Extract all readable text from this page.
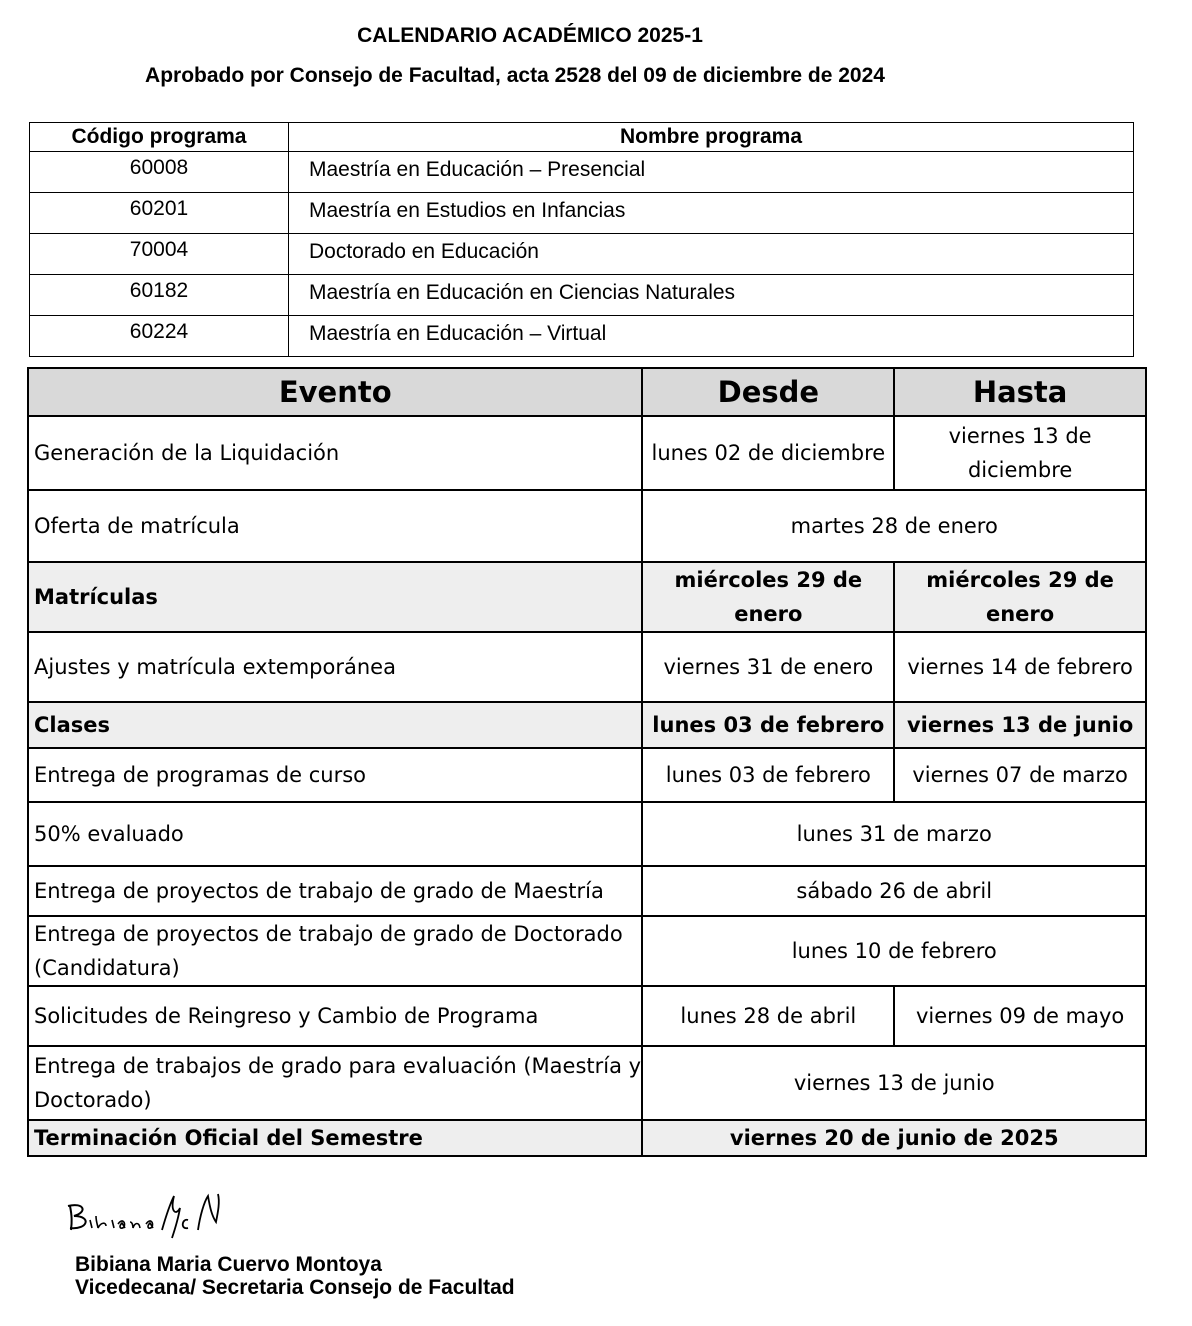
CALENDARIO ACADÉMICO 2025-1
Aprobado por Consejo de Facultad, acta 2528 del 09 de diciembre de 2024
Código programa	Nombre programa
60008	Maestría en Educación – Presencial
60201	Maestría en Estudios en Infancias
70004	Doctorado en Educación
60182	Maestría en Educación en Ciencias Naturales
60224	Maestría en Educación – Virtual
Evento	Desde	Hasta
Generación de la Liquidación	lunes 02 de diciembre	viernes 13 de diciembre
Oferta de matrícula	martes 28 de enero	
Matrículas	miércoles 29 de enero	miércoles 29 de enero
Ajustes y matrícula extemporánea	viernes 31 de enero	viernes 14 de febrero
Clases	lunes 03 de febrero	viernes 13 de junio
Entrega de programas de curso	lunes 03 de febrero	viernes 07 de marzo
50% evaluado	lunes 31 de marzo	
Entrega de proyectos de trabajo de grado de Maestría	sábado 26 de abril	
Entrega de proyectos de trabajo de grado de Doctorado (Candidatura)	lunes 10 de febrero	
Solicitudes de Reingreso y Cambio de Programa	lunes 28 de abril	viernes 09 de mayo
Entrega de trabajos de grado para evaluación (Maestría y Doctorado)	viernes 13 de junio	
Terminación Oficial del Semestre	viernes 20 de junio de 2025	
Bibiana Maria Cuervo Montoya
Vicedecana/ Secretaria Consejo de Facultad
